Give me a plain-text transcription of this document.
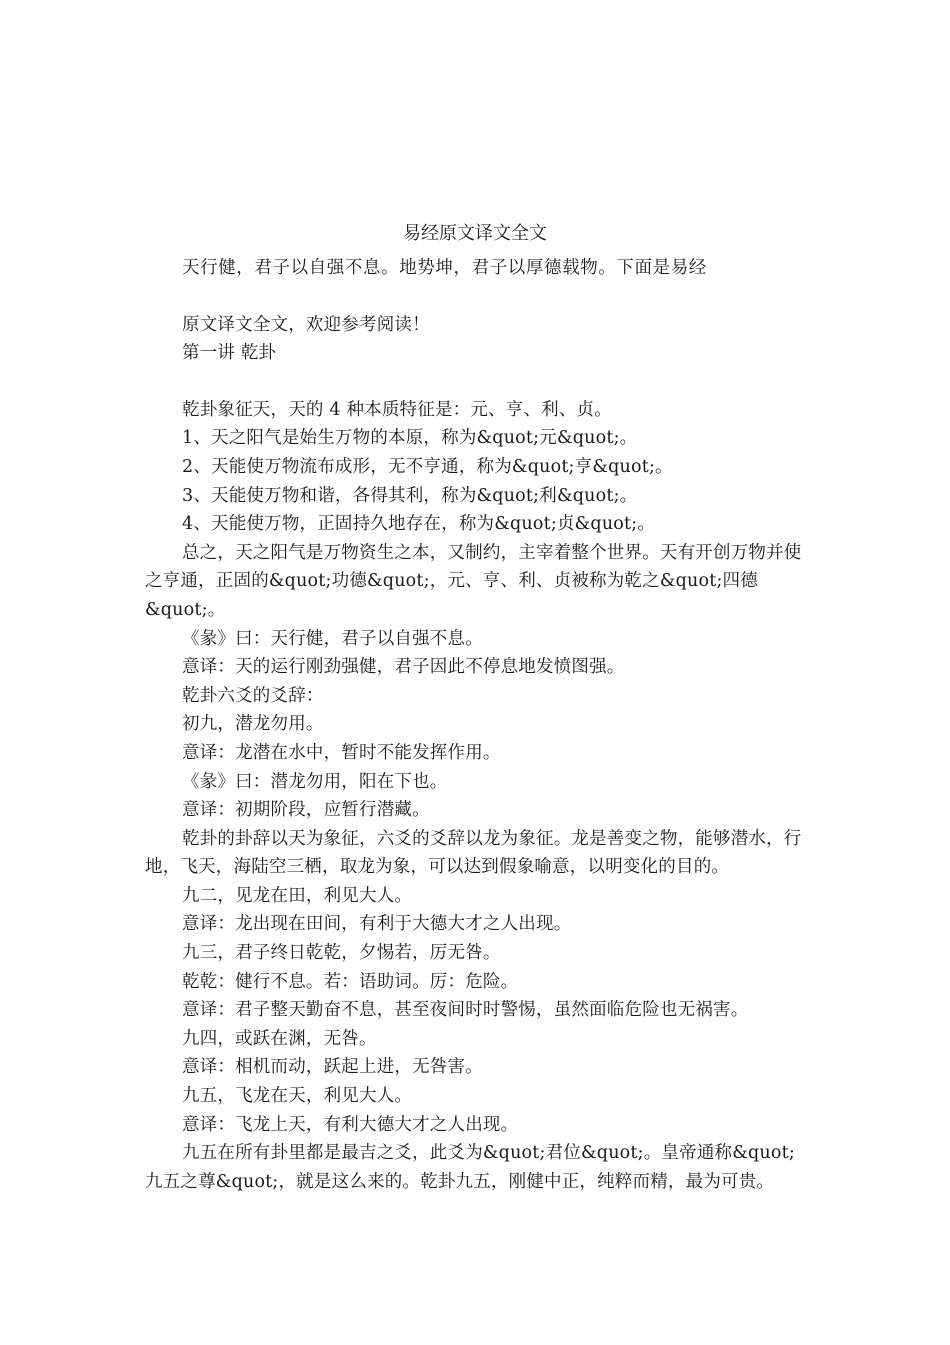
易经原文译文全文

天行健，君子以自强不息。地势坤，君子以厚德载物。下面是易经

原文译文全文，欢迎参考阅读！

第一讲 乾卦

乾卦象征天，天的 4 种本质特征是：元、亨、利、贞。

1、天之阳气是始生万物的本原，称为&quot;元&quot;。

2、天能使万物流布成形，无不亨通，称为&quot;亨&quot;。

3、天能使万物和谐，各得其利，称为&quot;利&quot;。

4、天能使万物，正固持久地存在，称为&quot;贞&quot;。

总之，天之阳气是万物资生之本，又制约，主宰着整个世界。天有开创万物并使之亨通，正固的&quot;功德&quot;，元、亨、利、贞被称为乾之&quot;四德&quot;。

《彖》曰：天行健，君子以自强不息。

意译：天的运行刚劲强健，君子因此不停息地发愤图强。

乾卦六爻的爻辞：

初九，潜龙勿用。

意译：龙潜在水中，暂时不能发挥作用。

《彖》曰：潜龙勿用，阳在下也。

意译：初期阶段，应暂行潜藏。

乾卦的卦辞以天为象征，六爻的爻辞以龙为象征。龙是善变之物，能够潜水，行地，飞天，海陆空三栖，取龙为象，可以达到假象喻意，以明变化的目的。

九二，见龙在田，利见大人。

意译：龙出现在田间，有利于大德大才之人出现。

九三，君子终日乾乾，夕惕若，厉无咎。

乾乾：健行不息。若：语助词。厉：危险。

意译：君子整天勤奋不息，甚至夜间时时警惕，虽然面临危险也无祸害。

九四，或跃在渊，无咎。

意译：相机而动，跃起上进，无咎害。

九五，飞龙在天，利见大人。

意译：飞龙上天，有利大德大才之人出现。

九五在所有卦里都是最吉之爻，此爻为&quot;君位&quot;。皇帝通称&quot;九五之尊&quot;，就是这么来的。乾卦九五，刚健中正，纯粹而精，最为可贵。
